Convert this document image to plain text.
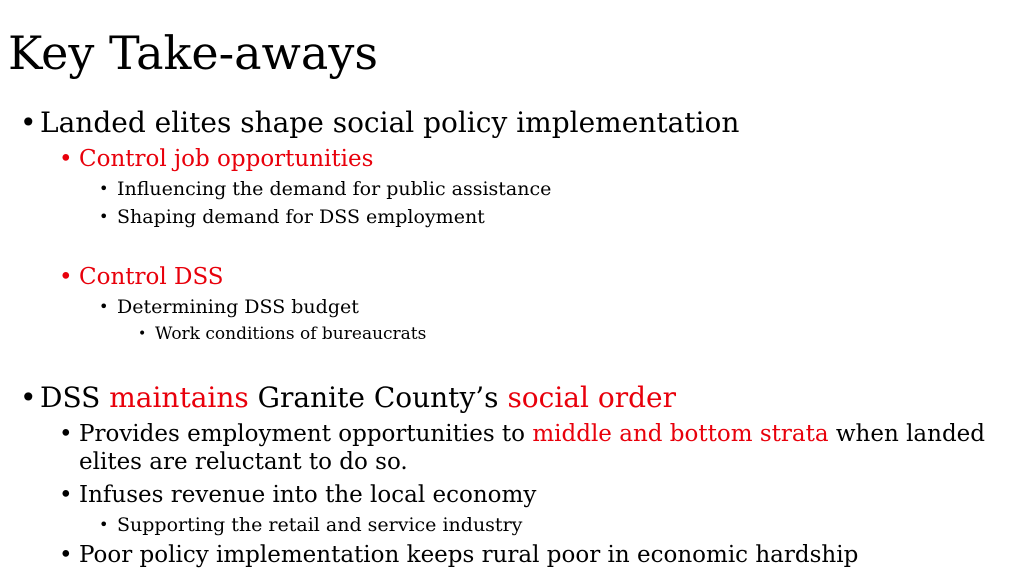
Key Take-aways
• Landed elites shape social policy implementation
• Control job opportunities
• Influencing the demand for public assistance
• Shaping demand for DSS employment
• Control DSS
• Determining DSS budget
• Work conditions of bureaucrats
• DSS maintains Granite County’s social order
• Provides employment opportunities to middle and bottom strata when landed
elites are reluctant to do so.
• Infuses revenue into the local economy
• Supporting the retail and service industry
• Poor policy implementation keeps rural poor in economic hardship
